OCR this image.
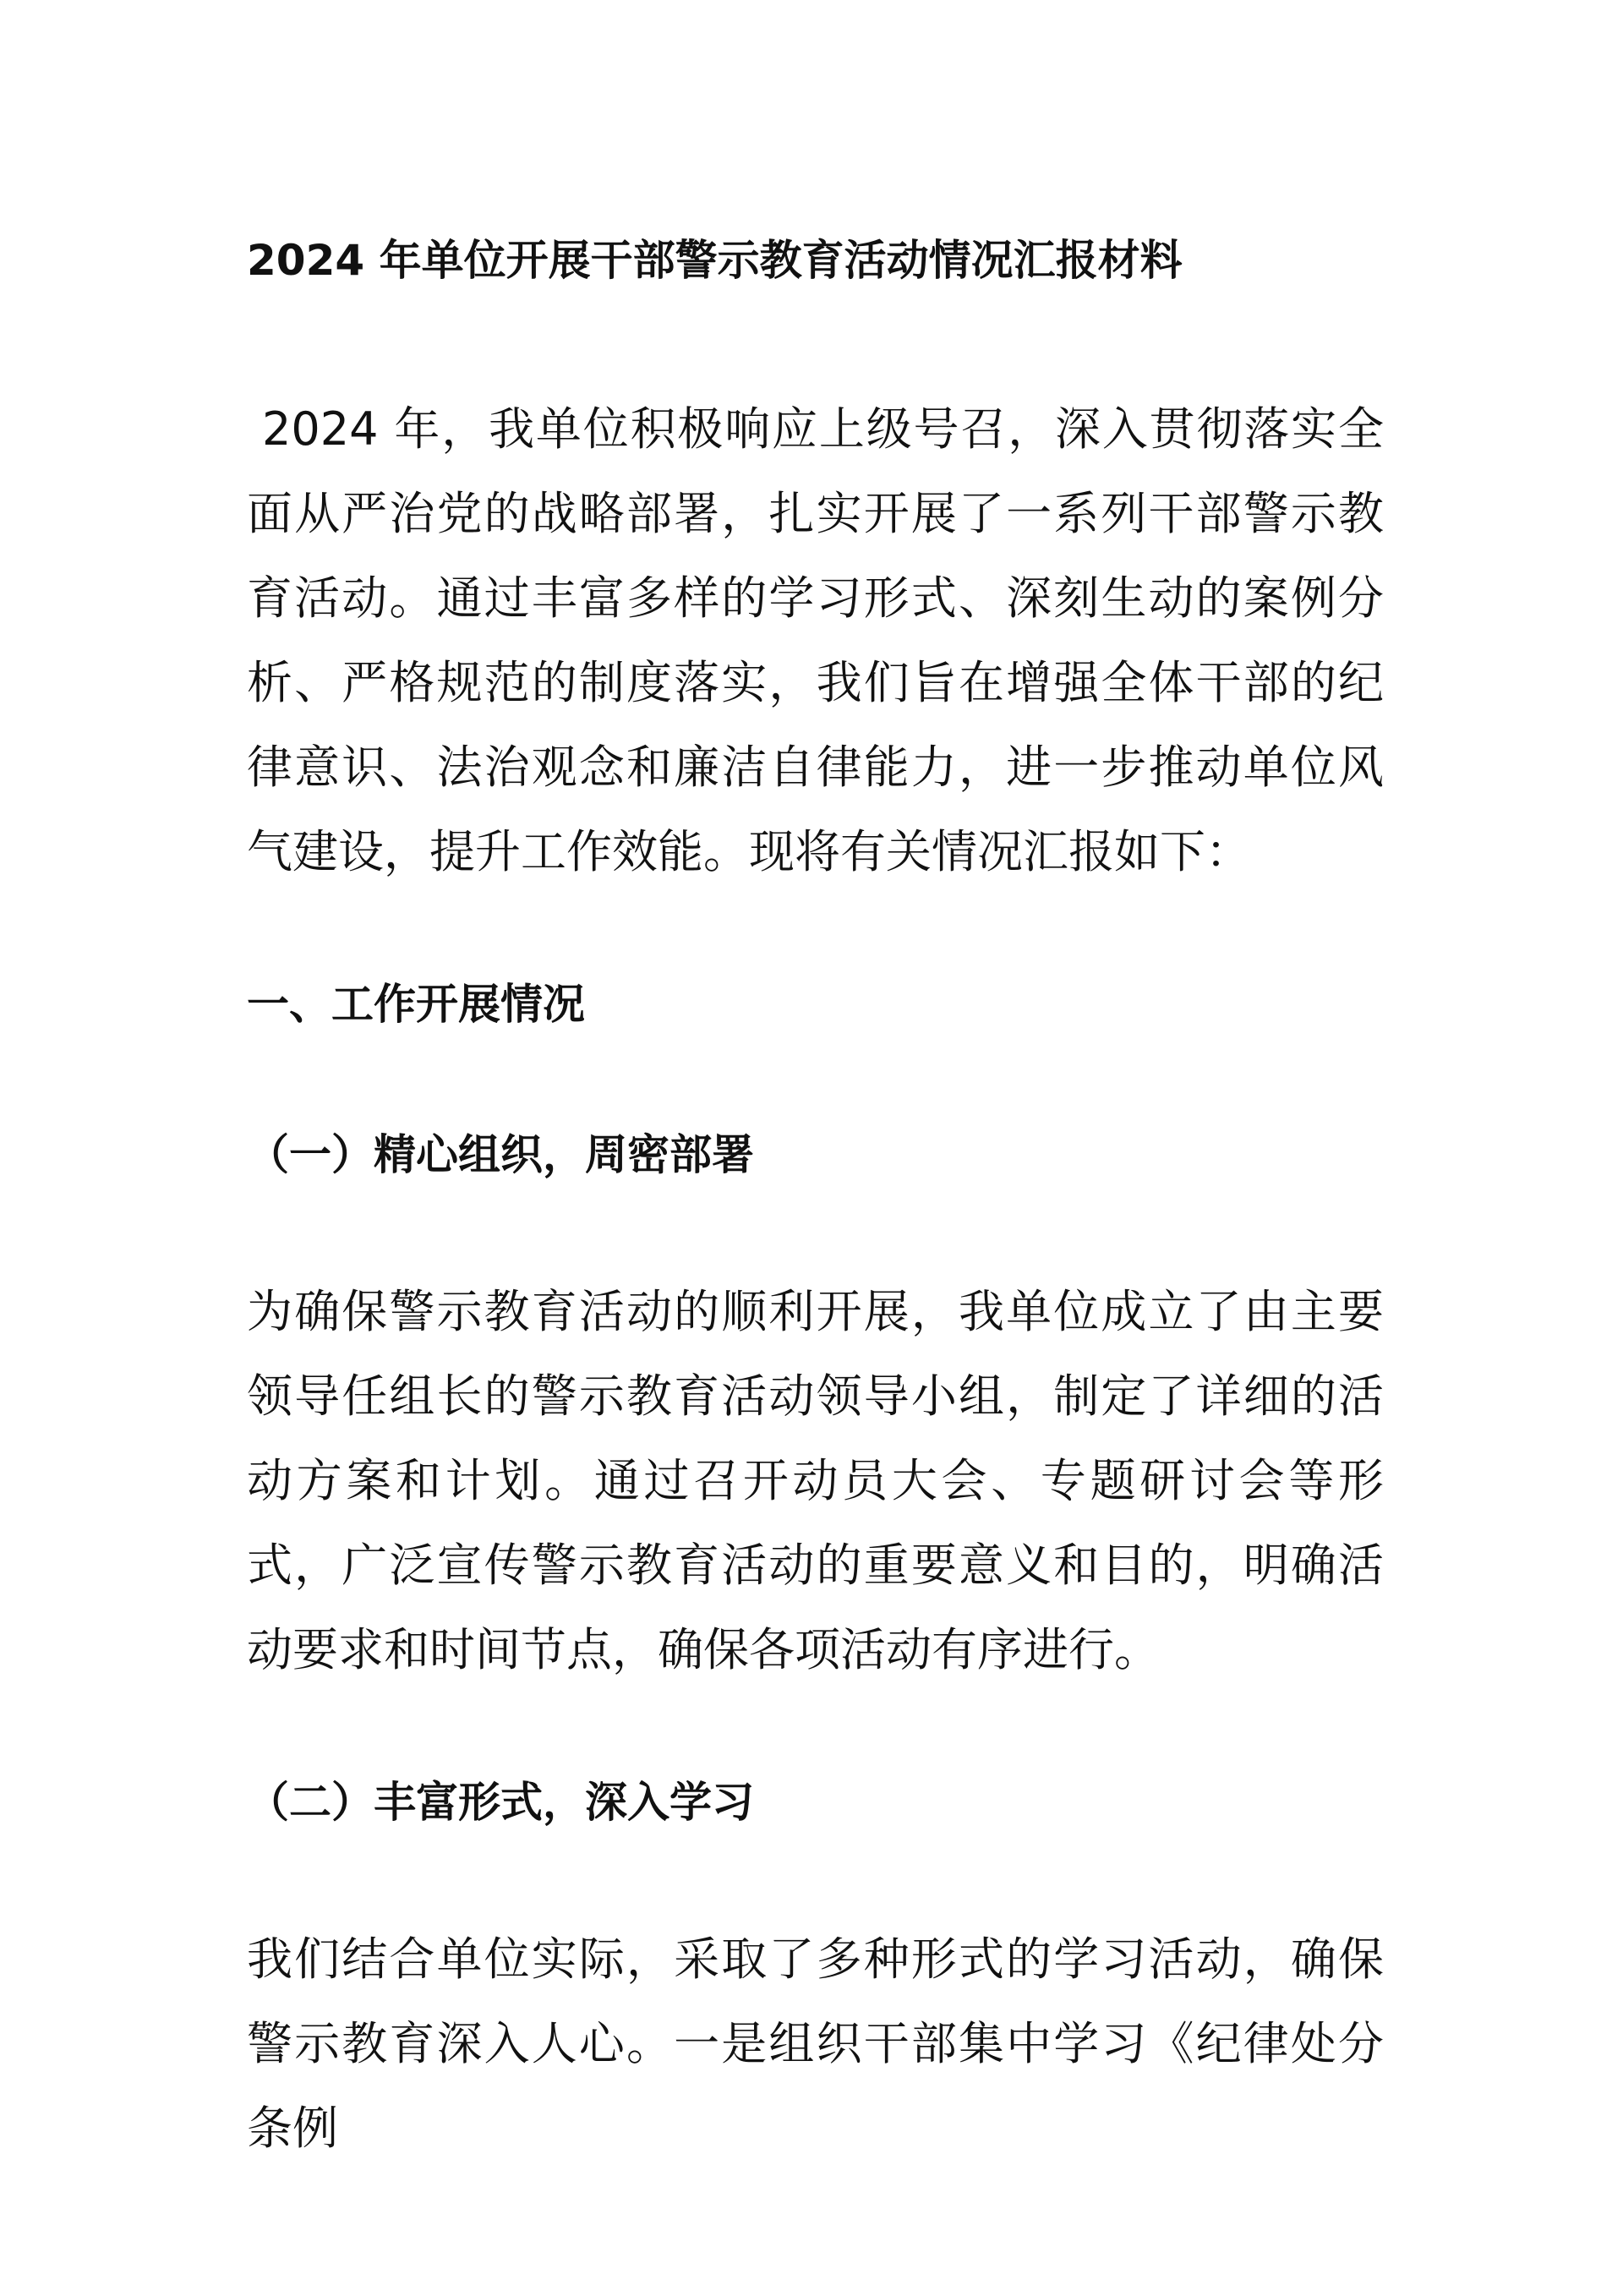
2024 年单位开展干部警示教育活动情况汇报材料

2024 年，我单位积极响应上级号召，深入贯彻落实全面从严治党的战略部署，扎实开展了一系列干部警示教育活动。通过丰富多样的学习形式、深刻生动的案例分析、严格规范的制度落实，我们旨在增强全体干部的纪律意识、法治观念和廉洁自律能力，进一步推动单位风气建设，提升工作效能。现将有关情况汇报如下：

一、工作开展情况
（一）精心组织，周密部署

为确保警示教育活动的顺利开展，我单位成立了由主要领导任组长的警示教育活动领导小组，制定了详细的活动方案和计划。通过召开动员大会、专题研讨会等形式，广泛宣传警示教育活动的重要意义和目的，明确活动要求和时间节点，确保各项活动有序进行。

（二）丰富形式，深入学习

我们结合单位实际，采取了多种形式的学习活动，确保警示教育深入人心。一是组织干部集中学习《纪律处分条例
